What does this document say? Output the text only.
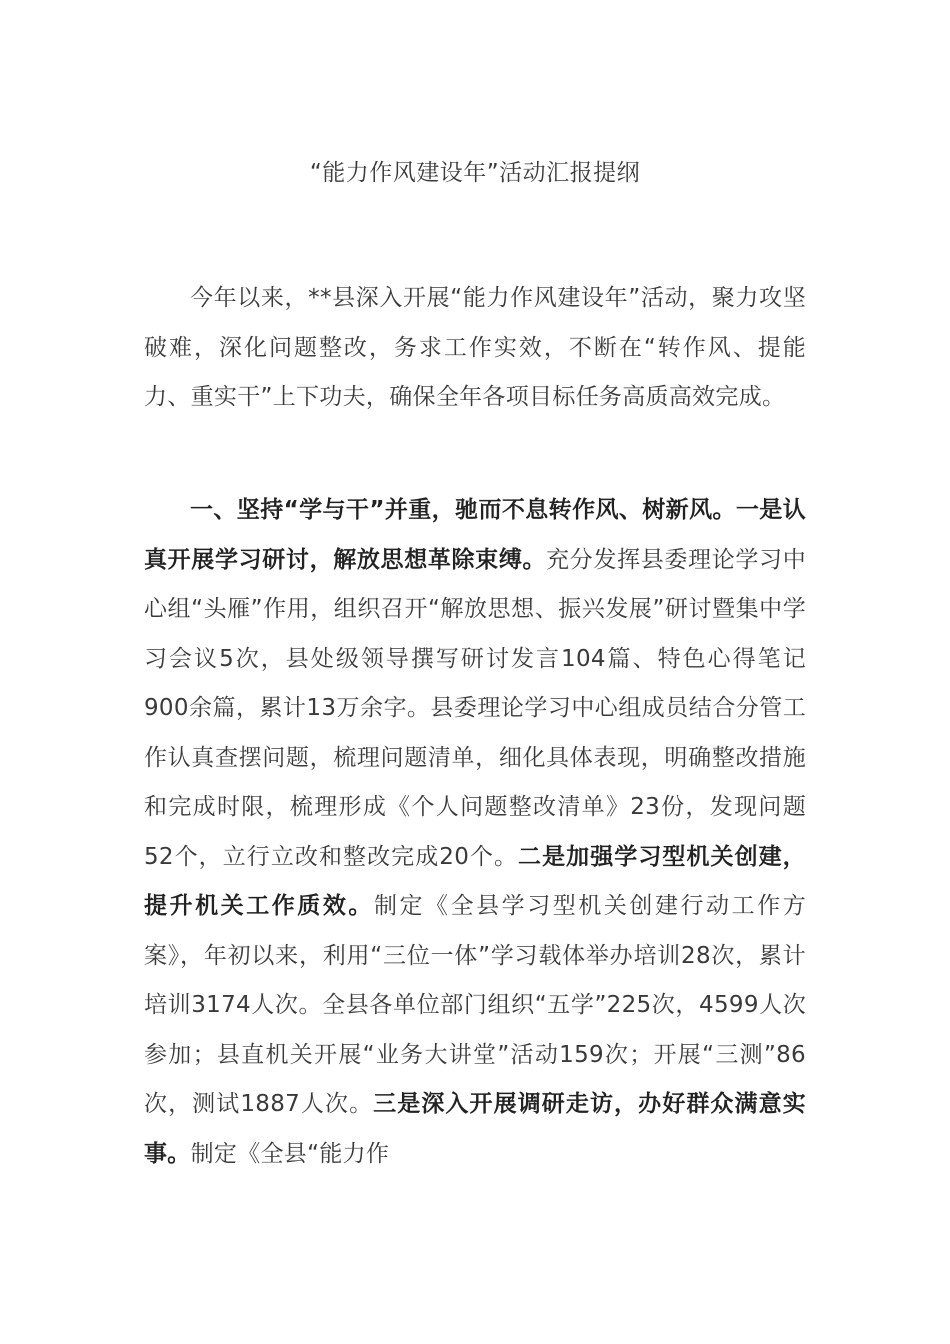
“能力作风建设年”活动汇报提纲

今年以来，**县深入开展“能力作风建设年”活动，聚力攻坚破难，深化问题整改，务求工作实效，不断在“转作风、提能力、重实干”上下功夫，确保全年各项目标任务高质高效完成。

一、坚持“学与干”并重，驰而不息转作风、树新风。一是认真开展学习研讨，解放思想革除束缚。充分发挥县委理论学习中心组“头雁”作用，组织召开“解放思想、振兴发展”研讨暨集中学习会议5次，县处级领导撰写研讨发言104篇、特色心得笔记900余篇，累计13万余字。县委理论学习中心组成员结合分管工作认真查摆问题，梳理问题清单，细化具体表现，明确整改措施和完成时限，梳理形成《个人问题整改清单》23份，发现问题52个，立行立改和整改完成20个。二是加强学习型机关创建，提升机关工作质效。制定《全县学习型机关创建行动工作方案》，年初以来，利用“三位一体”学习载体举办培训28次，累计培训3174人次。全县各单位部门组织“五学”225次，4599人次参加；县直机关开展“业务大讲堂”活动159次；开展“三测”86次，测试1887人次。三是深入开展调研走访，办好群众满意实事。制定《全县“能力作
